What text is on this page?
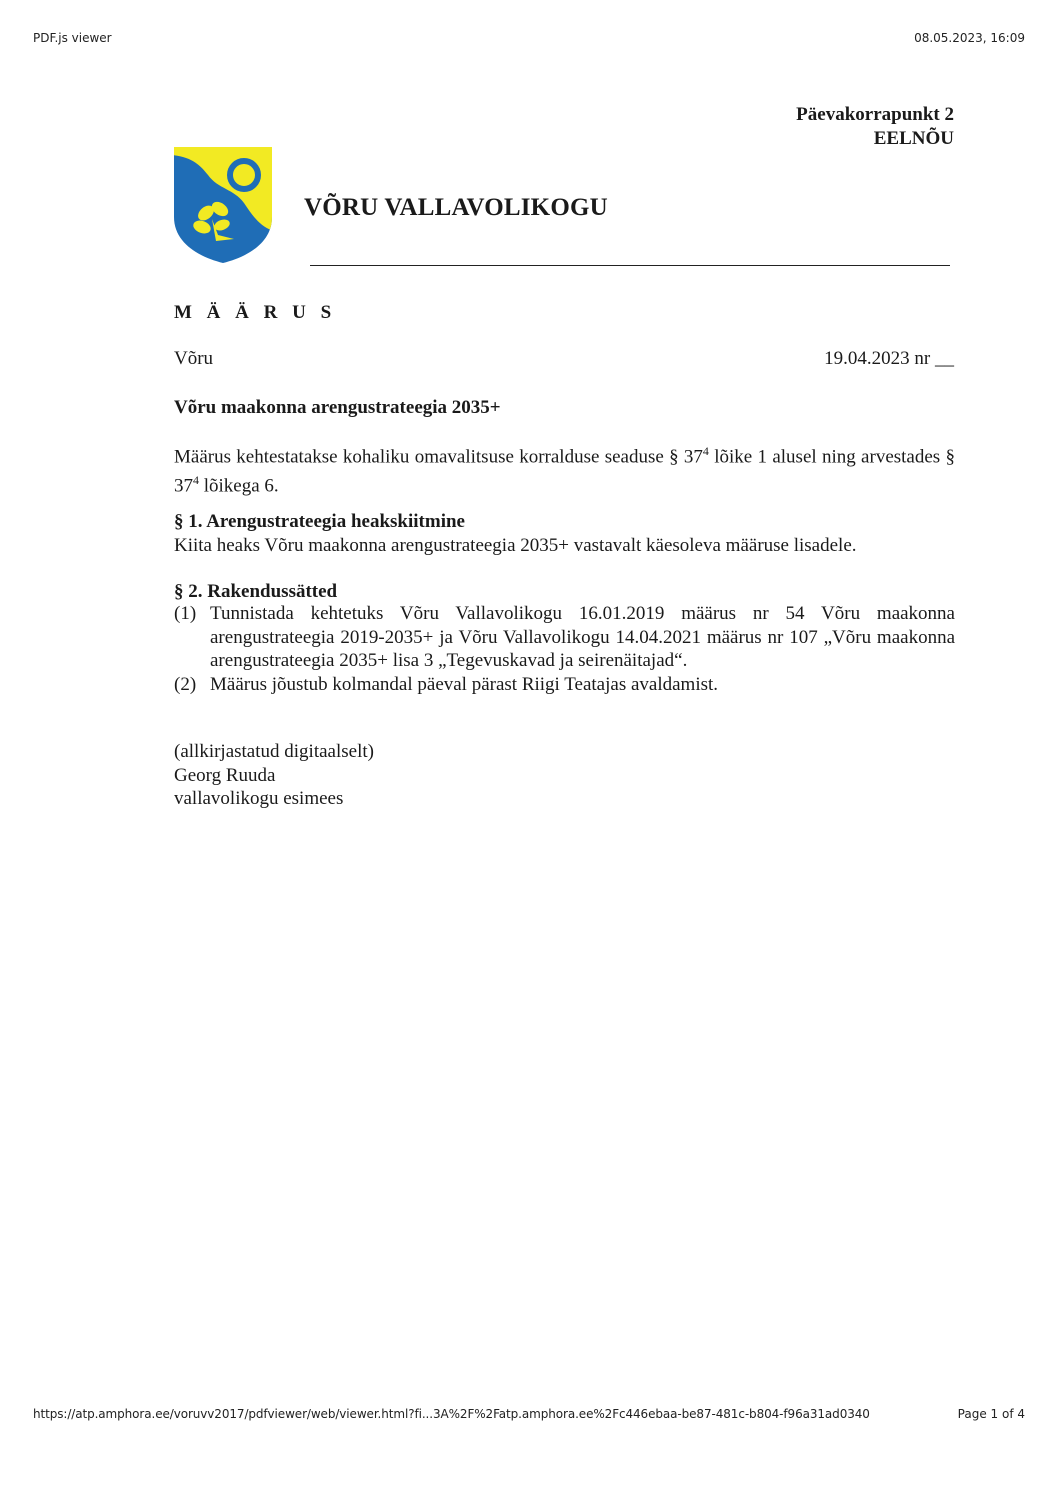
PDF.js viewer	08.05.2023, 16:09
Päevakorrapunkt 2
EELNÕU
VÕRU VALLAVOLIKOGU
M Ä Ä R U S
Võru	19.04.2023 nr __
Võru maakonna arengustrateegia 2035+
Määrus kehtestatakse kohaliku omavalitsuse korralduse seaduse § $37^4$ lõike 1 alusel ning arvestades § $37^4$ lõikega 6.
§ 1. Arengustrateegia heakskiitmine
Kiita heaks Võru maakonna arengustrateegia 2035+ vastavalt käesoleva määruse lisadele.
§ 2. Rakendussätted
(1) Tunnistada kehtetuks Võru Vallavolikogu 16.01.2019 määrus nr 54 Võru maakonna arengustrateegia 2019-2035+ ja Võru Vallavolikogu 14.04.2021 määrus nr 107 „Võru maakonna arengustrateegia 2035+ lisa 3 „Tegevuskavad ja seirenäitajad“.
(2) Määrus jõustub kolmandal päeval pärast Riigi Teatajas avaldamist.
(allkirjastatud digitaalselt)
Georg Ruuda
vallavolikogu esimees
https://atp.amphora.ee/voruvv2017/pdfviewer/web/viewer.html?fi...3A%2F%2Fatp.amphora.ee%2Fc446ebaa-be87-481c-b804-f96a31ad0340	Page 1 of 4
